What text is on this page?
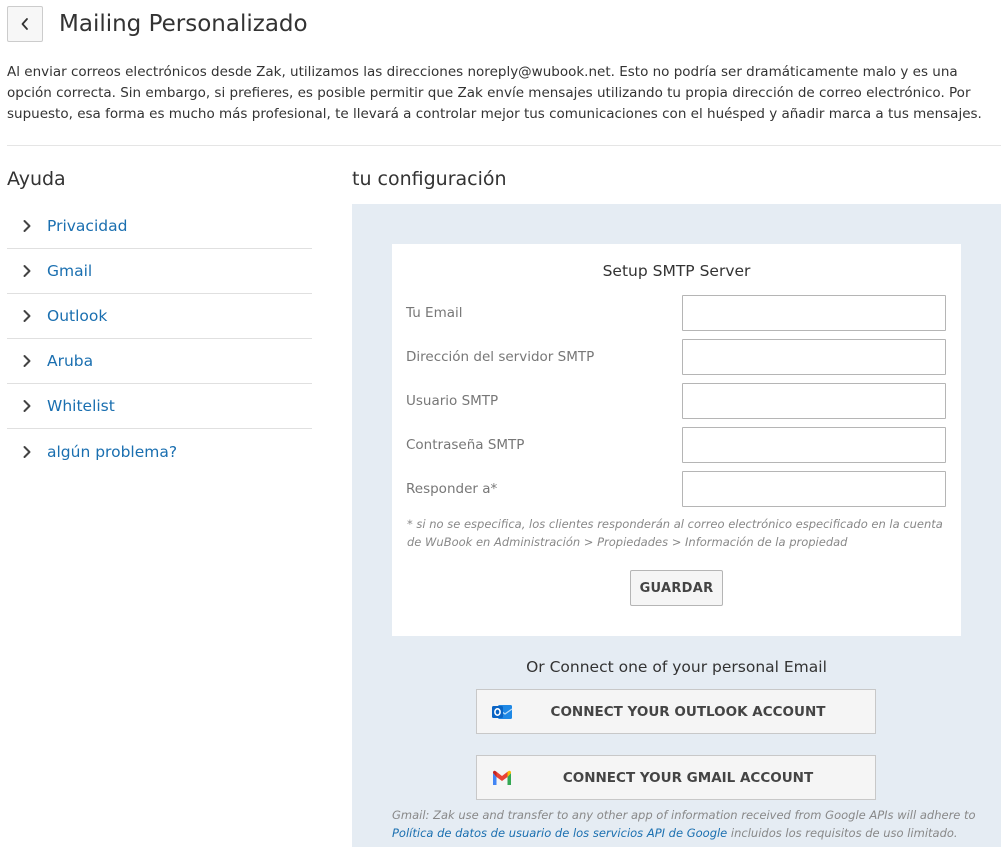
Mailing Personalizado

Al enviar correos electrónicos desde Zak, utilizamos las direcciones noreply@wubook.net. Esto no podría ser dramáticamente malo y es una opción correcta. Sin embargo, si prefieres, es posible permitir que Zak envíe mensajes utilizando tu propia dirección de correo electrónico. Por supuesto, esa forma es mucho más profesional, te llevará a controlar mejor tus comunicaciones con el huésped y añadir marca a tus mensajes.

Ayuda
Privacidad
Gmail
Outlook
Aruba
Whitelist
algún problema?
tu configuración
Setup SMTP Server
Tu Email
Dirección del servidor SMTP
Usuario SMTP
Contraseña SMTP
Responder a*

* si no se especifica, los clientes responderán al correo electrónico especificado en la cuenta de WuBook en Administración > Propiedades > Información de la propiedad

GUARDAR
Or Connect one of your personal Email
CONNECT YOUR OUTLOOK ACCOUNT
CONNECT YOUR GMAIL ACCOUNT

Gmail: Zak use and transfer to any other app of information received from Google APIs will adhere to
Política de datos de usuario de los servicios API de Google incluidos los requisitos de uso limitado.
